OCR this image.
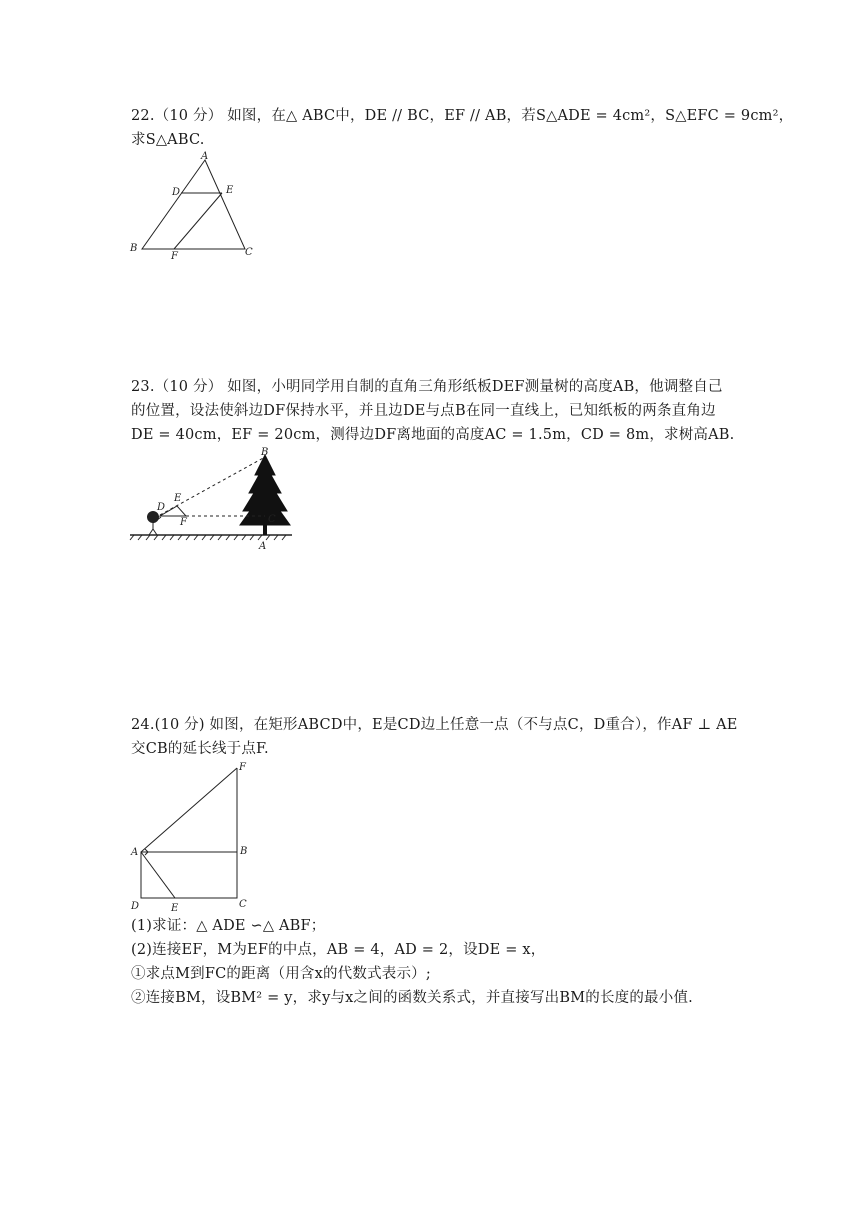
22.（10 分） 如图，在△ ABC中，DE // BC，EF // AB，若S△ADE = 4cm²，S△EFC = 9cm²，
求S△ABC.
A
D	E
B
F	C
23.（10 分） 如图，小明同学用自制的直角三角形纸板DEF测量树的高度AB，他调整自己
的位置，设法使斜边DF保持水平，并且边DE与点B在同一直线上，已知纸板的两条直角边
DE = 40cm，EF = 20cm，测得边DF离地面的高度AC = 1.5m，CD = 8m，求树高AB.
B
E
D
F	C
A
24.(10 分) 如图，在矩形ABCD中，E是CD边上任意一点（不与点C，D重合），作AF ⊥ AE
交CB的延长线于点F.
F
A	B
D	E	C
(1)求证：△ ADE ∽△ ABF；
(2)连接EF，M为EF的中点，AB = 4，AD = 2，设DE = x，
①求点M到FC的距离（用含x的代数式表示）;
②连接BM，设BM² = y，求y与x之间的函数关系式，并直接写出BM的长度的最小值.
